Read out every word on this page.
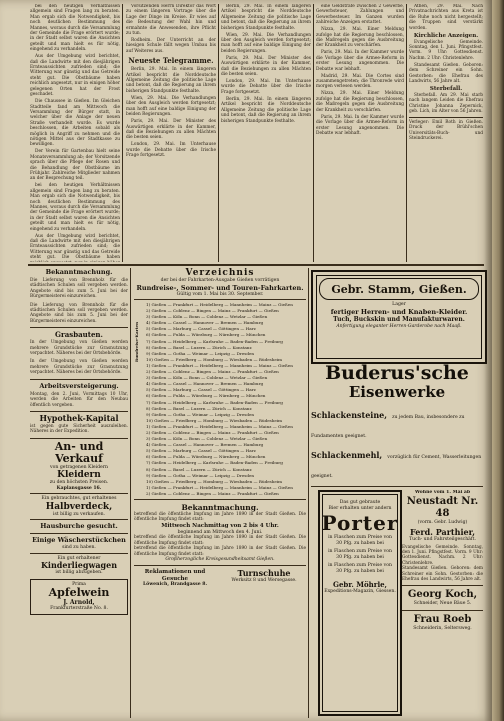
bei den heutigen Verhältnissen allgemein sind Fragen lang zu beraten. Man ergab sich die Notwendigkeit, bis noch deutlichen Bestimmung des Mannes, woraus durch die Versammlung der Gemeinde die Frage erörtert wurde; in der Stadt selbst waren die Ansichten geteilt und man hielt es für nötig, eingehend zu verhandeln.

Aus der Umgebung wird berichtet, daß die Landwirte mit den diesjährigen Ernteaussichten zufrieden sind; die Witterung war günstig und das Getreide steht gut. Die Obstbäume haben reichlich angesetzt, nur in einigen höher gelegenen Orten hat der Frost geschadet.

Die Chaussee in Gießen. Im Gleichen Stadtteile fand am Mittwoch die Versammlung der Bürger statt, in welcher über die Anlage der neuen Straße verhandelt wurde. Es wurde beschlossen, die Arbeiten sobald als möglich in Angriff zu nehmen und die nötigen Mittel aus der Stadtkasse zu bewilligen.

Der Verein für Gartenbau hielt seine Monatsversammlung ab; der Vorsitzende sprach über die Pflege der Rosen und die Behandlung der Obstbäume im Frühjahr. Zahlreiche Mitglieder nahmen an der Besprechung teil.

bei den heutigen Verhältnissen allgemein sind Fragen lang zu beraten. Man ergab sich die Notwendigkeit, bis noch deutlichen Bestimmung des Mannes, woraus durch die Versammlung der Gemeinde die Frage erörtert wurde; in der Stadt selbst waren die Ansichten geteilt und man hielt es für nötig, eingehend zu verhandeln.

Aus der Umgebung wird berichtet, daß die Landwirte mit den diesjährigen Ernteaussichten zufrieden sind; die Witterung war günstig und das Getreide steht gut. Die Obstbäume haben

Vorsitzenden Herrn Direktor das Wort zu einem längeren Vortrage über die Lage der Dinge im Kreise. Er wies auf die Bedeutung der Wahl hin und ermahnte die Anwesenden, ihre Pflicht zu tun.

Rodheim. Der Unterricht an der hiesigen Schule fällt wegen Umbau bis auf Weiteres aus.

Neueste Telegramme.

Berlin, 29. Mai. In einem längeren Artikel bespricht die Norddeutsche Allgemeine Zeitung die politische Lage und betont, daß die Regierung an ihrem bisherigen Standpunkte festhalte.

Wien, 29. Mai. Die Verhandlungen über den Ausgleich werden fortgesetzt; man hofft auf eine baldige Einigung der beiden Regierungen.

Paris, 29. Mai. Der Minister des Auswärtigen erklärte in der Kammer, daß die Beziehungen zu allen Mächten die besten seien.

London, 29. Mai. Im Unterhause wurde die Debatte über die Irische Frage fortgesetzt.

Berlin, 29. Mai. In einem längeren Artikel bespricht die Norddeutsche Allgemeine Zeitung die politische Lage und betont, daß die Regierung an ihrem bisherigen Standpunkte festhalte.

Wien, 29. Mai. Die Verhandlungen über den Ausgleich werden fortgesetzt; man hofft auf eine baldige Einigung der beiden Regierungen.

Paris, 29. Mai. Der Minister des Auswärtigen erklärte in der Kammer, daß die Beziehungen zu allen Mächten die besten seien.

London, 29. Mai. Im Unterhause wurde die Debatte über die Irische Frage fortgesetzt.

Berlin, 29. Mai. In einem längeren Artikel bespricht die Norddeutsche Allgemeine Zeitung die politische Lage und betont, daß die Regierung an ihrem bisherigen Standpunkte festhalte.

eine Geldstrafe zwischen 2 Gewerbe, Gewerbsteuer, Zahlungen und Gewerbesteuer. Im Ganzen wurden zahlreiche Anzeigen erstattet.

Nizza, 29. Mai. Einer Meldung zufolge hat die Regierung beschlossen, die Maßregeln gegen die Ausbreitung der Krankheit zu verschärfen.

Paris, 29. Mai. In der Kammer wurde die Vorlage über die Armee-Reform in erster Lesung angenommen. Die Debatte war lebhaft.

Madrid, 29. Mai. Die Cortes sind zusammengetreten; die Thronrede wird morgen verlesen werden.

Nizza, 29. Mai. Einer Meldung zufolge hat die Regierung beschlossen, die Maßregeln gegen die Ausbreitung der Krankheit zu verschärfen.

Paris, 29. Mai. In der Kammer wurde die Vorlage über die Armee-Reform in erster Lesung angenommen. Die Debatte war lebhaft.

Athen, 29. Mai. Nach Privatnachrichten aus Kreta ist die Ruhe noch nicht hergestellt; die Truppen sind verstärkt worden.

Kirchliche Anzeigen.

Evangelische Gemeinde. Sonntag, den 1. Juni. Pfingstfest. Vorm. 9 Uhr: Gottesdienst. Nachm. 2 Uhr: Christenlehre.

Standesamt Gießen. Geboren: dem Schreiner ein Sohn. Gestorben: die Ehefrau des Landwirts, 56 Jahre alt.

Sterbefall.

Sterbefall. Am 29. Mai starb nach langem Leiden die Ehefrau Christine Johanna Zepernick, geb. Lich, im Alter von 56 Jahren.

Verleger: Emil Roth in Gießen. Druck der Brühl'schen Universitäts-Buch- und Steindruckerei.

Bekanntmachung.
Die Lieferung von Brennholz für die städtischen Schulen soll vergeben werden. Angebote sind bis zum 5. Juni bei der Bürgermeisterei einzureichen.
Die Lieferung von Brennholz für die städtischen Schulen soll vergeben werden. Angebote sind bis zum 5. Juni bei der Bürgermeisterei einzureichen.
Grasbauten.
In der Umgebung von Gießen werden mehrere Grundstücke zur Grasnutzung verpachtet. Näheres bei der Ortsbehörde.
In der Umgebung von Gießen werden mehrere Grundstücke zur Grasnutzung verpachtet. Näheres bei der Ortsbehörde.
Arbeitsversteigerung.
Montag, den 2. Juni, Vormittags 10 Uhr, werden die Arbeiten für den Neubau öffentlich vergeben.
Hypothek-Kapital
ist gegen gute Sicherheit auszuleihen. Näheres in der Expedition.
An- und Verkauf
von getragenen Kleidern
Kleidern
zu den höchsten Preisen.
Kaplansgasse 16.
Ein gebrauchtes, gut erhaltenes
Halbverdeck,
ist billig zu verkaufen.
Hausburche gesucht.
Einige Wäscherstückchen
sind zu haben.
Ein gut erhaltener
Kinderliegwagen
ist billig abzugeben.
Prima
Apfelwein
J. Arnold,
Frankfurterstraße No. 8.
Verzeichnis
der bei der Fahrkarten-Ausgabe Gießen vorrätigen
Rundreise-, Sommer- und Touren-Fahrkarten.
Gültig vom 1. Mai bis 30. September.
Rundreise-Karten
1) Gießen — Frankfurt — Heidelberg — Mannheim — Mainz — Gießen
2) Gießen — Coblenz — Bingen — Mainz — Frankfurt — Gießen
3) Gießen — Köln — Bonn — Coblenz — Wetzlar — Gießen
4) Gießen — Cassel — Hannover — Bremen — Hamburg
5) Gießen — Marburg — Cassel — Göttingen — Harz
6) Gießen — Fulda — Würzburg — Nürnberg — München
7) Gießen — Heidelberg — Karlsruhe — Baden-Baden — Freiburg
8) Gießen — Basel — Luzern — Zürich — Konstanz
9) Gießen — Gotha — Weimar — Leipzig — Dresden
10) Gießen — Friedberg — Homburg — Wiesbaden — Rüdesheim
1) Gießen — Frankfurt — Heidelberg — Mannheim — Mainz — Gießen
2) Gießen — Coblenz — Bingen — Mainz — Frankfurt — Gießen
3) Gießen — Köln — Bonn — Coblenz — Wetzlar — Gießen
4) Gießen — Cassel — Hannover — Bremen — Hamburg
5) Gießen — Marburg — Cassel — Göttingen — Harz
6) Gießen — Fulda — Würzburg — Nürnberg — München
7) Gießen — Heidelberg — Karlsruhe — Baden-Baden — Freiburg
8) Gießen — Basel — Luzern — Zürich — Konstanz
9) Gießen — Gotha — Weimar — Leipzig — Dresden
10) Gießen — Friedberg — Homburg — Wiesbaden — Rüdesheim
1) Gießen — Frankfurt — Heidelberg — Mannheim — Mainz — Gießen
2) Gießen — Coblenz — Bingen — Mainz — Frankfurt — Gießen
3) Gießen — Köln — Bonn — Coblenz — Wetzlar — Gießen
4) Gießen — Cassel — Hannover — Bremen — Hamburg
5) Gießen — Marburg — Cassel — Göttingen — Harz
6) Gießen — Fulda — Würzburg — Nürnberg — München
7) Gießen — Heidelberg — Karlsruhe — Baden-Baden — Freiburg
8) Gießen — Basel — Luzern — Zürich — Konstanz
9) Gießen — Gotha — Weimar — Leipzig — Dresden
10) Gießen — Friedberg — Homburg — Wiesbaden — Rüdesheim
1) Gießen — Frankfurt — Heidelberg — Mannheim — Mainz — Gießen
2) Gießen — Coblenz — Bingen — Mainz — Frankfurt — Gießen
Bekanntmachung.
betreffend die öffentliche Impfung im Jahre 1890 in der Stadt Gießen. Die öffentliche Impfung findet statt:
Mittwoch Nachmittag von 2 bis 4 Uhr.
beginnend am Mittwoch den 4. Juni.
betreffend die öffentliche Impfung im Jahre 1890 in der Stadt Gießen. Die öffentliche Impfung findet statt:
betreffend die öffentliche Impfung im Jahre 1890 in der Stadt Gießen. Die öffentliche Impfung findet statt:
Großherzogliche Kreisgesundheitsamt Gießen.
Reklamationen und Gesuche
Löwenich, Brandgasse 8.
Turnschuhe
Werksitz 8 und Wersegasse.
Gebr. Stamm, Gießen.
Lager
fertiger Herren- und Knaben-Kleider.
Tuch, Buckskin und Manufakturwaren.
Anfertigung eleganter Herren-Garderobe nach Maaß.
Buderus'sche
Eisenwerke
Schlackensteine, zu jedem Bau, insbesondere zu Fundamenten geeignet.
Schlackenmehl, vorzüglich für Cement, Wasserleitungen geeignet.
Das gut gebraute
Bier erhalten unter andern
Porter
in Flaschen zum Preise von 30 Pfg. zu haben bei
in Flaschen zum Preise von 30 Pfg. zu haben bei
in Flaschen zum Preise von 30 Pfg. zu haben bei
Gebr. Möhrle,
Expeditions-Magazin, Giessen.
Wohne vom 1. Mai ab
Neustadt Nr. 48
(vorm. Gebr. Ludwig)
Ferd. Parthier,
Tuch- und Fahrsteilgeschäft.
Evangelische Gemeinde. Sonntag, den 1. Juni. Pfingstfest. Vorm. 9 Uhr: Gottesdienst. Nachm. 2 Uhr: Christenlehre.
Standesamt Gießen. Geboren: dem Schreiner ein Sohn. Gestorben: die Ehefrau des Landwirts, 56 Jahre alt.
Georg Koch,
Schneider, Neue Bäue 5.
Frau Roeb
Schneiderin, Seltersweg.
